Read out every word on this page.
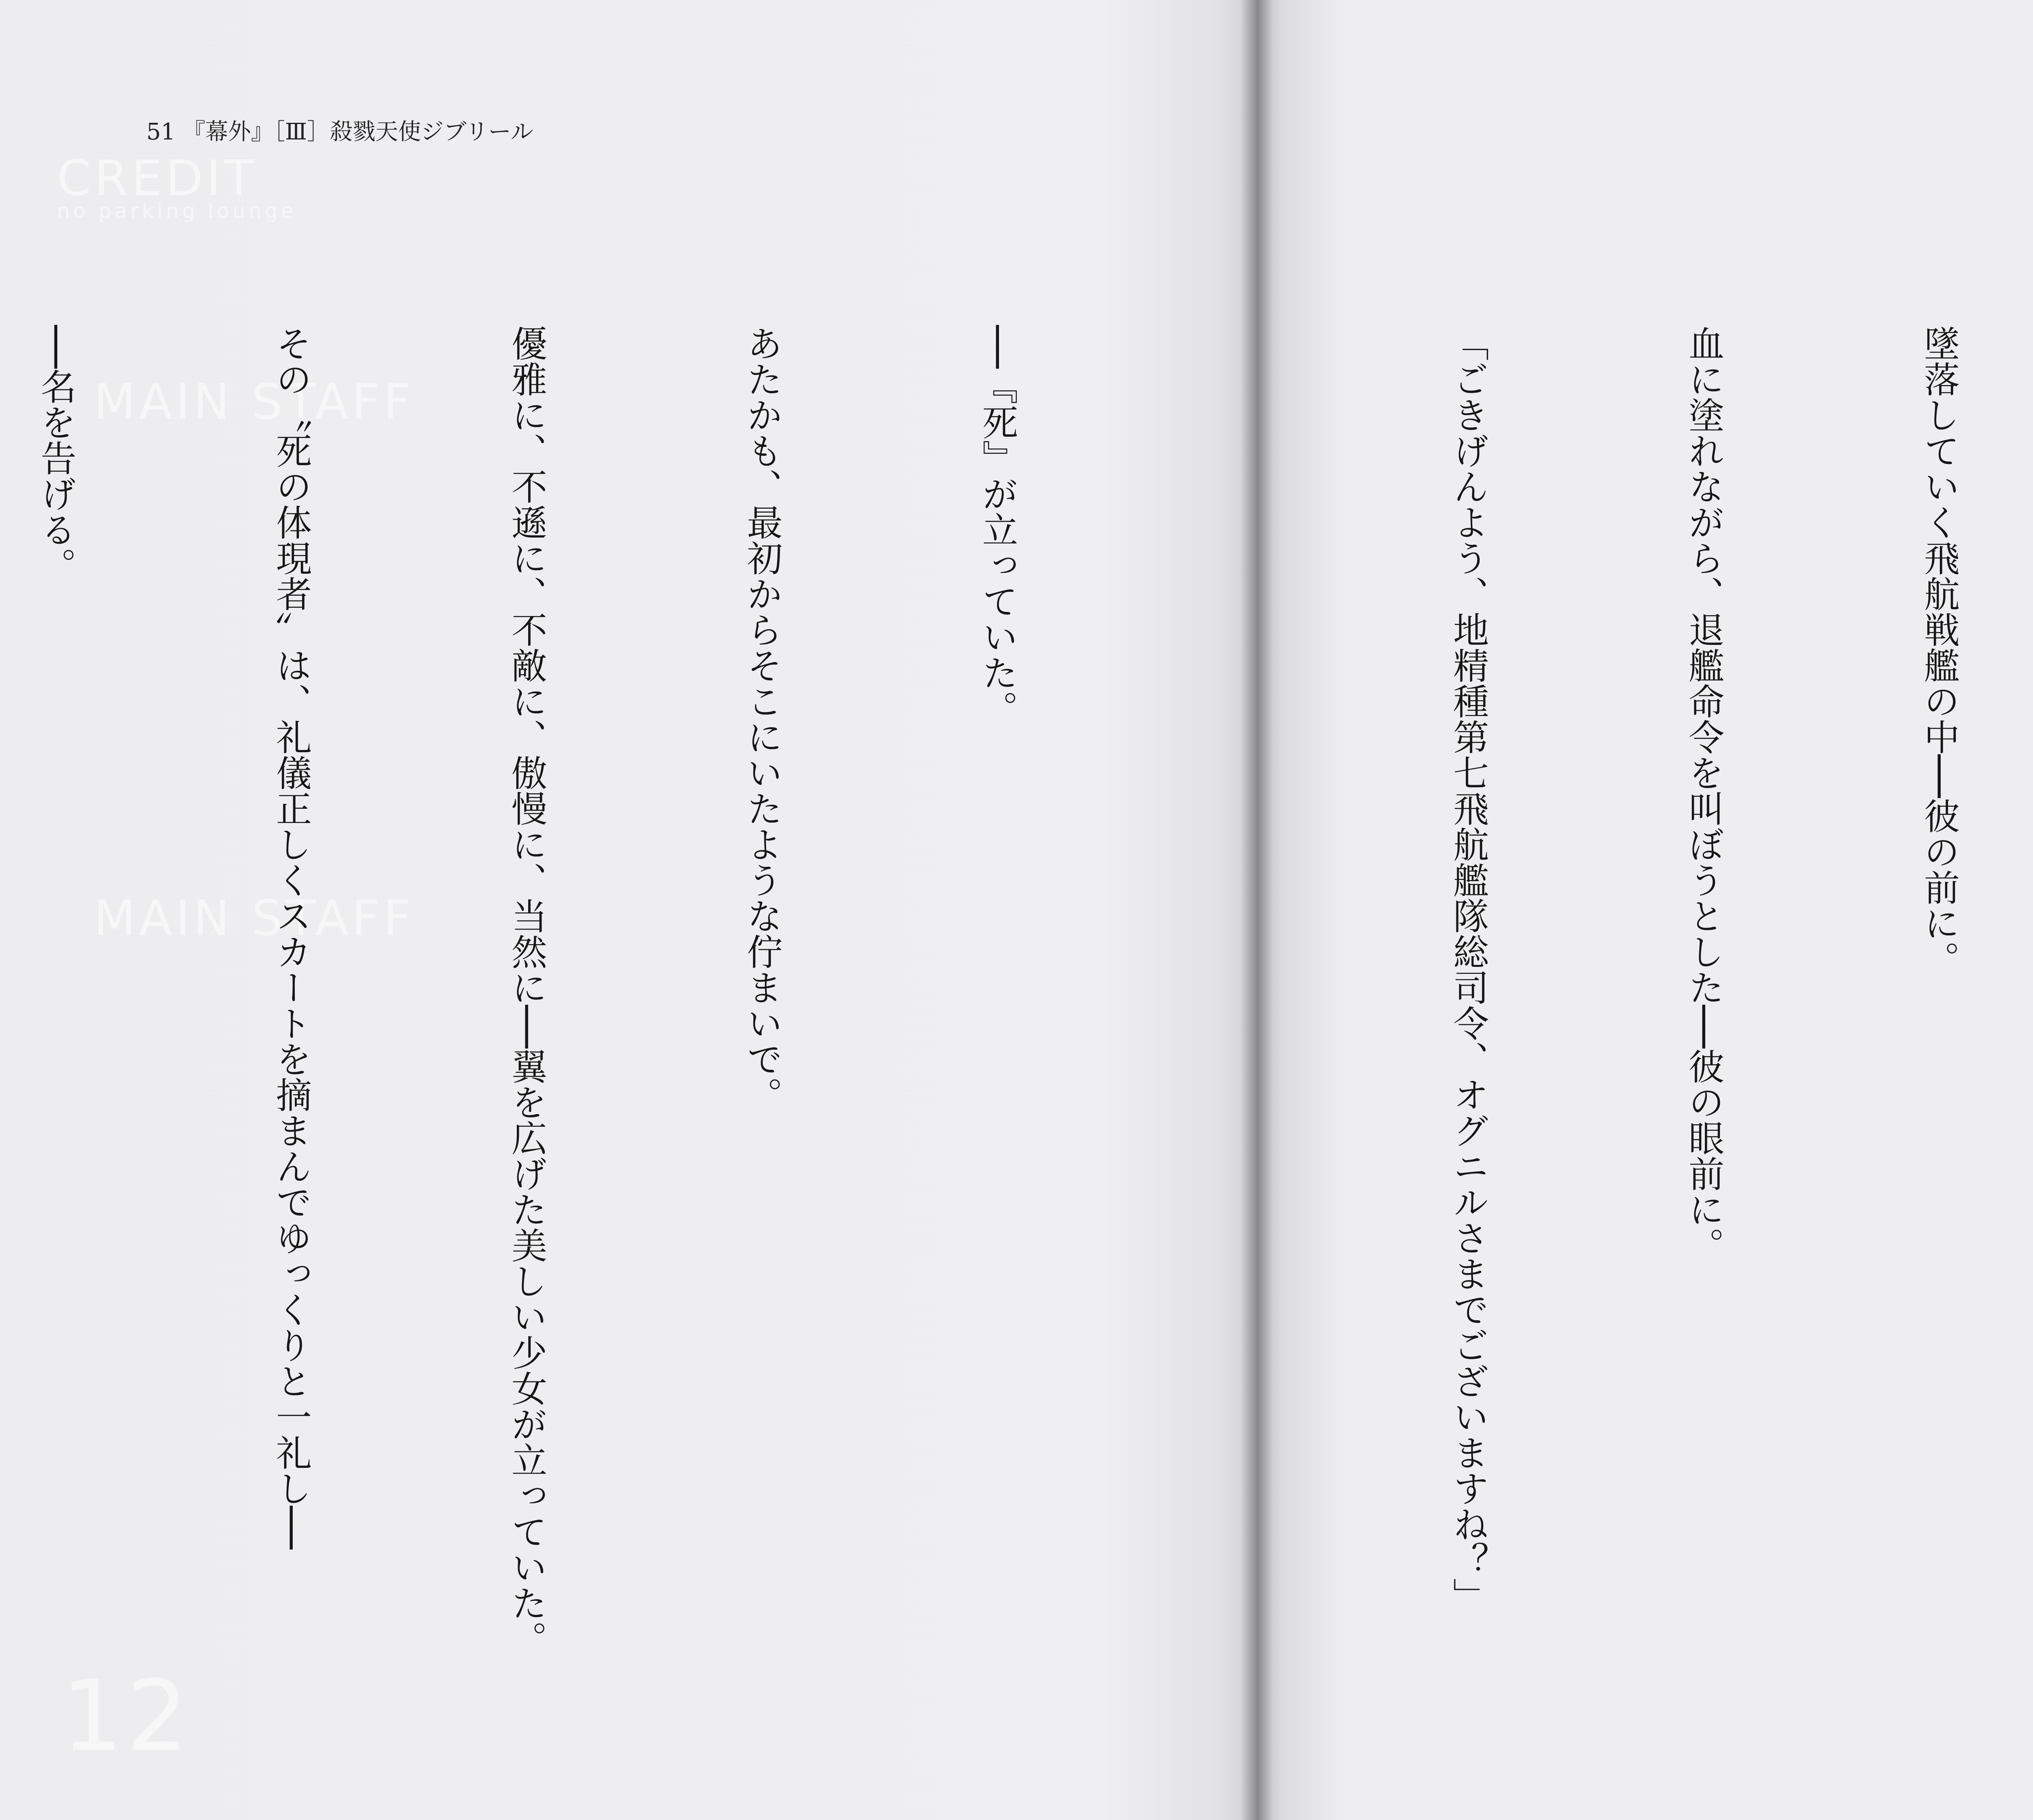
CREDIT
no parking lounge
MAIN STAFF
MAIN STAFF
12
51 『幕外』［Ⅲ］殺戮天使ジブリール

墜落していく飛航戦艦の中──彼の前に。

血に塗れながら、退艦命令を叫ぼうとした──彼の眼前に。

「ごきげんよう、地精種第七飛航艦隊総司令、オグニルさまでございますね？」

──『死』が立っていた。

あたかも、最初からそこにいたような佇まいで。

優雅に、不遜に、不敵に、傲慢に、当然に──翼を広げた美しい少女が立っていた。

その〝死の体現者〟は、礼儀正しくスカートを摘まんでゆっくりと一礼し──

──名を告げる。
